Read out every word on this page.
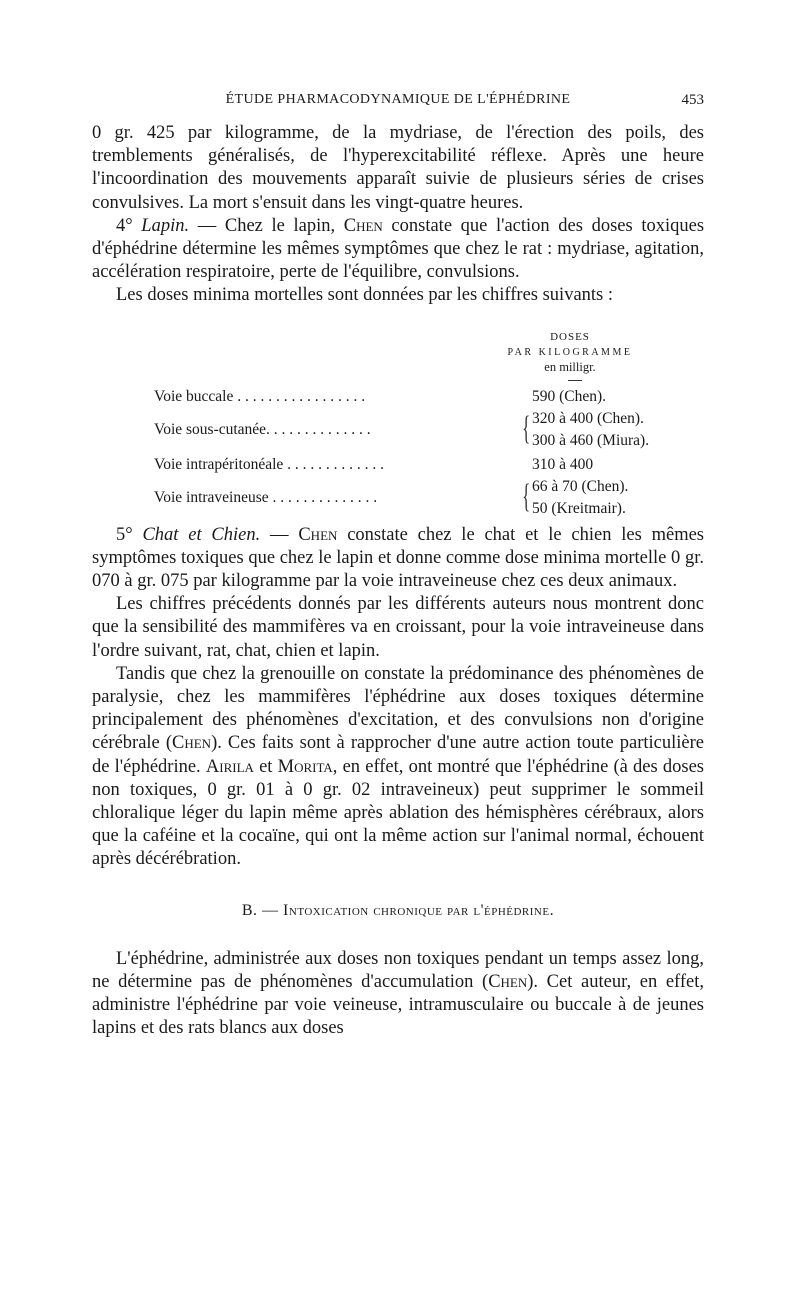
ÉTUDE PHARMACODYNAMIQUE DE L'ÉPHÉDRINE	453

0 gr. 425 par kilogramme, de la mydriase, de l'érection des poils, des tremblements généralisés, de l'hyperexcitabilité réflexe. Après une heure l'incoordination des mouvements apparaît suivie de plusieurs séries de crises convulsives. La mort s'ensuit dans les vingt-quatre heures.

4° Lapin. — Chez le lapin, Chen constate que l'action des doses toxiques d'éphédrine détermine les mêmes symptômes que chez le rat : mydriase, agitation, accélération respiratoire, perte de l'équilibre, convulsions.

Les doses minima mortelles sont données par les chiffres suivants :

DOSES
PAR KILOGRAMME
en milligr.
Voie buccale . . . . . . . . . . . . . . . . .	590 (Chen).
Voie sous-cutanée. . . . . . . . . . . . . .	{ 320 à 400 (Chen).
300 à 460 (Miura).
Voie intrapéritonéale . . . . . . . . . . . . .	310 à 400
Voie intraveineuse . . . . . . . . . . . . . .	{ 66 à 70 (Chen).
50 (Kreitmair).

5° Chat et Chien. — Chen constate chez le chat et le chien les mêmes symptômes toxiques que chez le lapin et donne comme dose minima mortelle 0 gr. 070 à gr. 075 par kilogramme par la voie intraveineuse chez ces deux animaux.

Les chiffres précédents donnés par les différents auteurs nous montrent donc que la sensibilité des mammifères va en croissant, pour la voie intraveineuse dans l'ordre suivant, rat, chat, chien et lapin.

Tandis que chez la grenouille on constate la prédominance des phénomènes de paralysie, chez les mammifères l'éphédrine aux doses toxiques détermine principalement des phénomènes d'excitation, et des convulsions non d'origine cérébrale (Chen). Ces faits sont à rapprocher d'une autre action toute particulière de l'éphédrine. Airila et Morita, en effet, ont montré que l'éphédrine (à des doses non toxiques, 0 gr. 01 à 0 gr. 02 intraveineux) peut supprimer le sommeil chloralique léger du lapin même après ablation des hémisphères cérébraux, alors que la caféine et la cocaïne, qui ont la même action sur l'animal normal, échouent après décérébration.

B. — Intoxication chronique par l'éphédrine.

L'éphédrine, administrée aux doses non toxiques pendant un temps assez long, ne détermine pas de phénomènes d'accumulation (Chen). Cet auteur, en effet, administre l'éphédrine par voie veineuse, intramusculaire ou buccale à de jeunes lapins et des rats blancs aux doses
